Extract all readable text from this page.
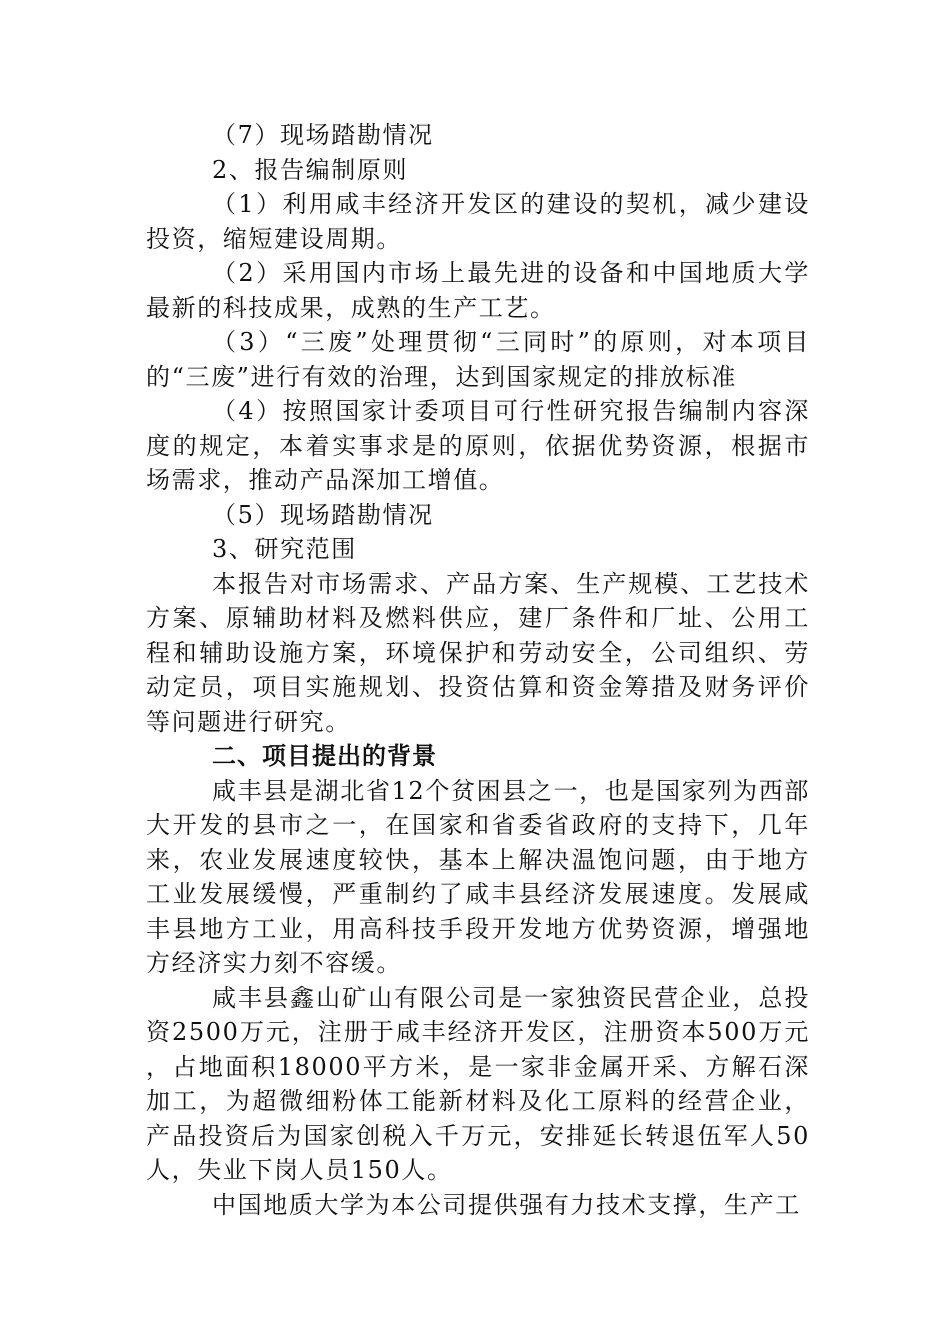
（7）现场踏勘情况

2、报告编制原则

（1）利用咸丰经济开发区的建设的契机，减少建设投资，缩短建设周期。

（2）采用国内市场上最先进的设备和中国地质大学最新的科技成果，成熟的生产工艺。

（3）“三废”处理贯彻“三同时”的原则，对本项目的“三废”进行有效的治理，达到国家规定的排放标准

（4）按照国家计委项目可行性研究报告编制内容深度的规定，本着实事求是的原则，依据优势资源，根据市场需求，推动产品深加工增值。

（5）现场踏勘情况

3、研究范围

本报告对市场需求、产品方案、生产规模、工艺技术方案、原辅助材料及燃料供应，建厂条件和厂址、公用工程和辅助设施方案，环境保护和劳动安全，公司组织、劳动定员，项目实施规划、投资估算和资金筹措及财务评价等问题进行研究。

二、项目提出的背景

咸丰县是湖北省12个贫困县之一，也是国家列为西部大开发的县市之一，在国家和省委省政府的支持下，几年来，农业发展速度较快，基本上解决温饱问题，由于地方工业发展缓慢，严重制约了咸丰县经济发展速度。发展咸丰县地方工业，用高科技手段开发地方优势资源，增强地方经济实力刻不容缓。

咸丰县鑫山矿山有限公司是一家独资民营企业，总投资2500万元，注册于咸丰经济开发区，注册资本500万元 ，占地面积18000平方米，是一家非金属开采、方解石深加工，为超微细粉体工能新材料及化工原料的经营企业，产品投资后为国家创税入千万元，安排延长转退伍军人50人，失业下岗人员150人。

中国地质大学为本公司提供强有力技术支撑，生产工
